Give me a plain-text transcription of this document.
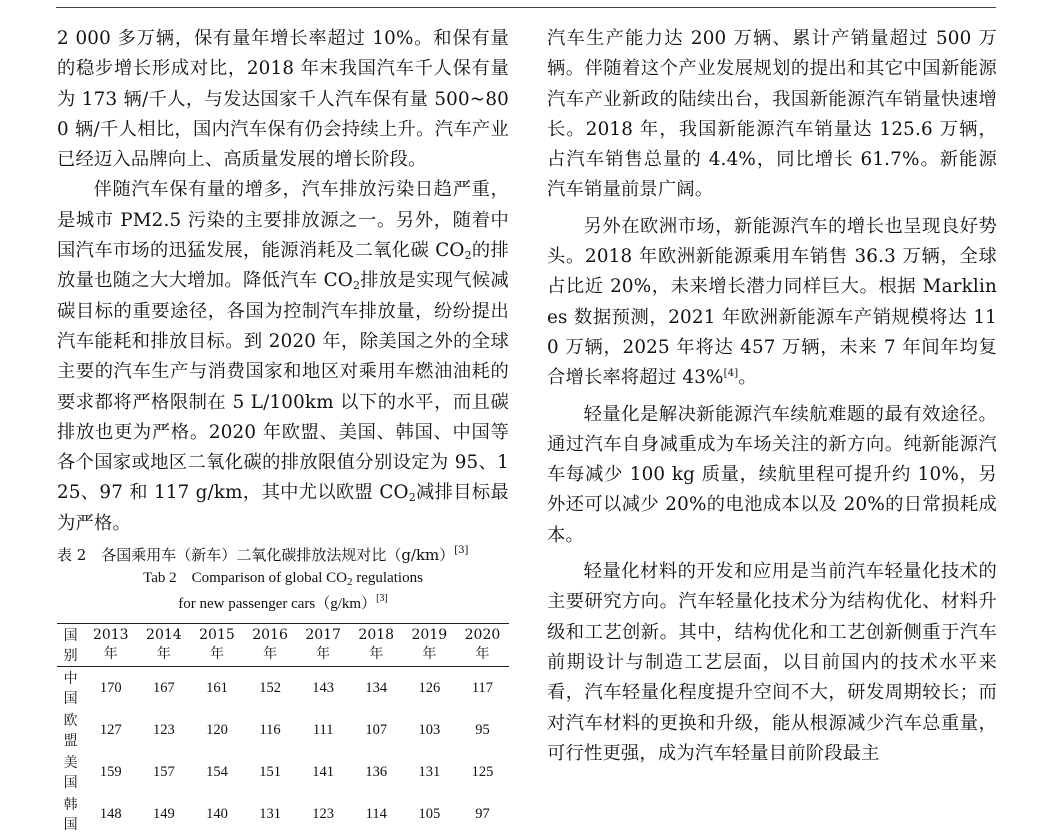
2 000 多万辆，保有量年增长率超过 10%。和保有量的稳步增长形成对比，2018 年末我国汽车千人保有量为 173 辆/千人，与发达国家千人汽车保有量 500~800 辆/千人相比，国内汽车保有仍会持续上升。汽车产业已经迈入品牌向上、高质量发展的增长阶段。

伴随汽车保有量的增多，汽车排放污染日趋严重，是城市 PM2.5 污染的主要排放源之一。另外，随着中国汽车市场的迅猛发展，能源消耗及二氧化碳 $CO_2$的排放量也随之大大增加。降低汽车 $CO_2$排放是实现气候减碳目标的重要途径，各国为控制汽车排放量，纷纷提出汽车能耗和排放目标。到 2020 年，除美国之外的全球主要的汽车生产与消费国家和地区对乘用车燃油油耗的要求都将严格限制在 5 L/100km 以下的水平，而且碳排放也更为严格。2020 年欧盟、美国、韩国、中国等各个国家或地区二氧化碳的排放限值分别设定为 95、125、97 和 117 g/km，其中尤以欧盟 $CO_2$减排目标最为严格。

表 2　各国乘用车（新车）二氧化碳排放法规对比（g/km）[3]
Tab 2　Comparison of global $CO_2$ regulations
for new passenger cars（g/km）[3]
国别	2013 年	2014 年	2015 年	2016 年	2017 年	2018 年	2019 年	2020 年
中国	170	167	161	152	143	134	126	117
欧盟	127	123	120	116	111	107	103	95
美国	159	157	154	151	141	136	131	125
韩国	148	149	140	131	123	114	105	97

汽车生产能力达 200 万辆、累计产销量超过 500 万辆。伴随着这个产业发展规划的提出和其它中国新能源汽车产业新政的陆续出台，我国新能源汽车销量快速增长。2018 年，我国新能源汽车销量达 125.6 万辆，占汽车销售总量的 4.4%，同比增长 61.7%。新能源汽车销量前景广阔。

另外在欧洲市场，新能源汽车的增长也呈现良好势头。2018 年欧洲新能源乘用车销售 36.3 万辆，全球占比近 20%，未来增长潜力同样巨大。根据 Marklines 数据预测，2021 年欧洲新能源车产销规模将达 110 万辆，2025 年将达 457 万辆，未来 7 年间年均复合增长率将超过 43%[4]。

轻量化是解决新能源汽车续航难题的最有效途径。通过汽车自身减重成为车场关注的新方向。纯新能源汽车每减少 100 kg 质量，续航里程可提升约 10%，另外还可以减少 20%的电池成本以及 20%的日常损耗成本。

轻量化材料的开发和应用是当前汽车轻量化技术的主要研究方向。汽车轻量化技术分为结构优化、材料升级和工艺创新。其中，结构优化和工艺创新侧重于汽车前期设计与制造工艺层面，以目前国内的技术水平来看，汽车轻量化程度提升空间不大，研发周期较长；而对汽车材料的更换和升级，能从根源减少汽车总重量，可行性更强，成为汽车轻量目前阶段最主
